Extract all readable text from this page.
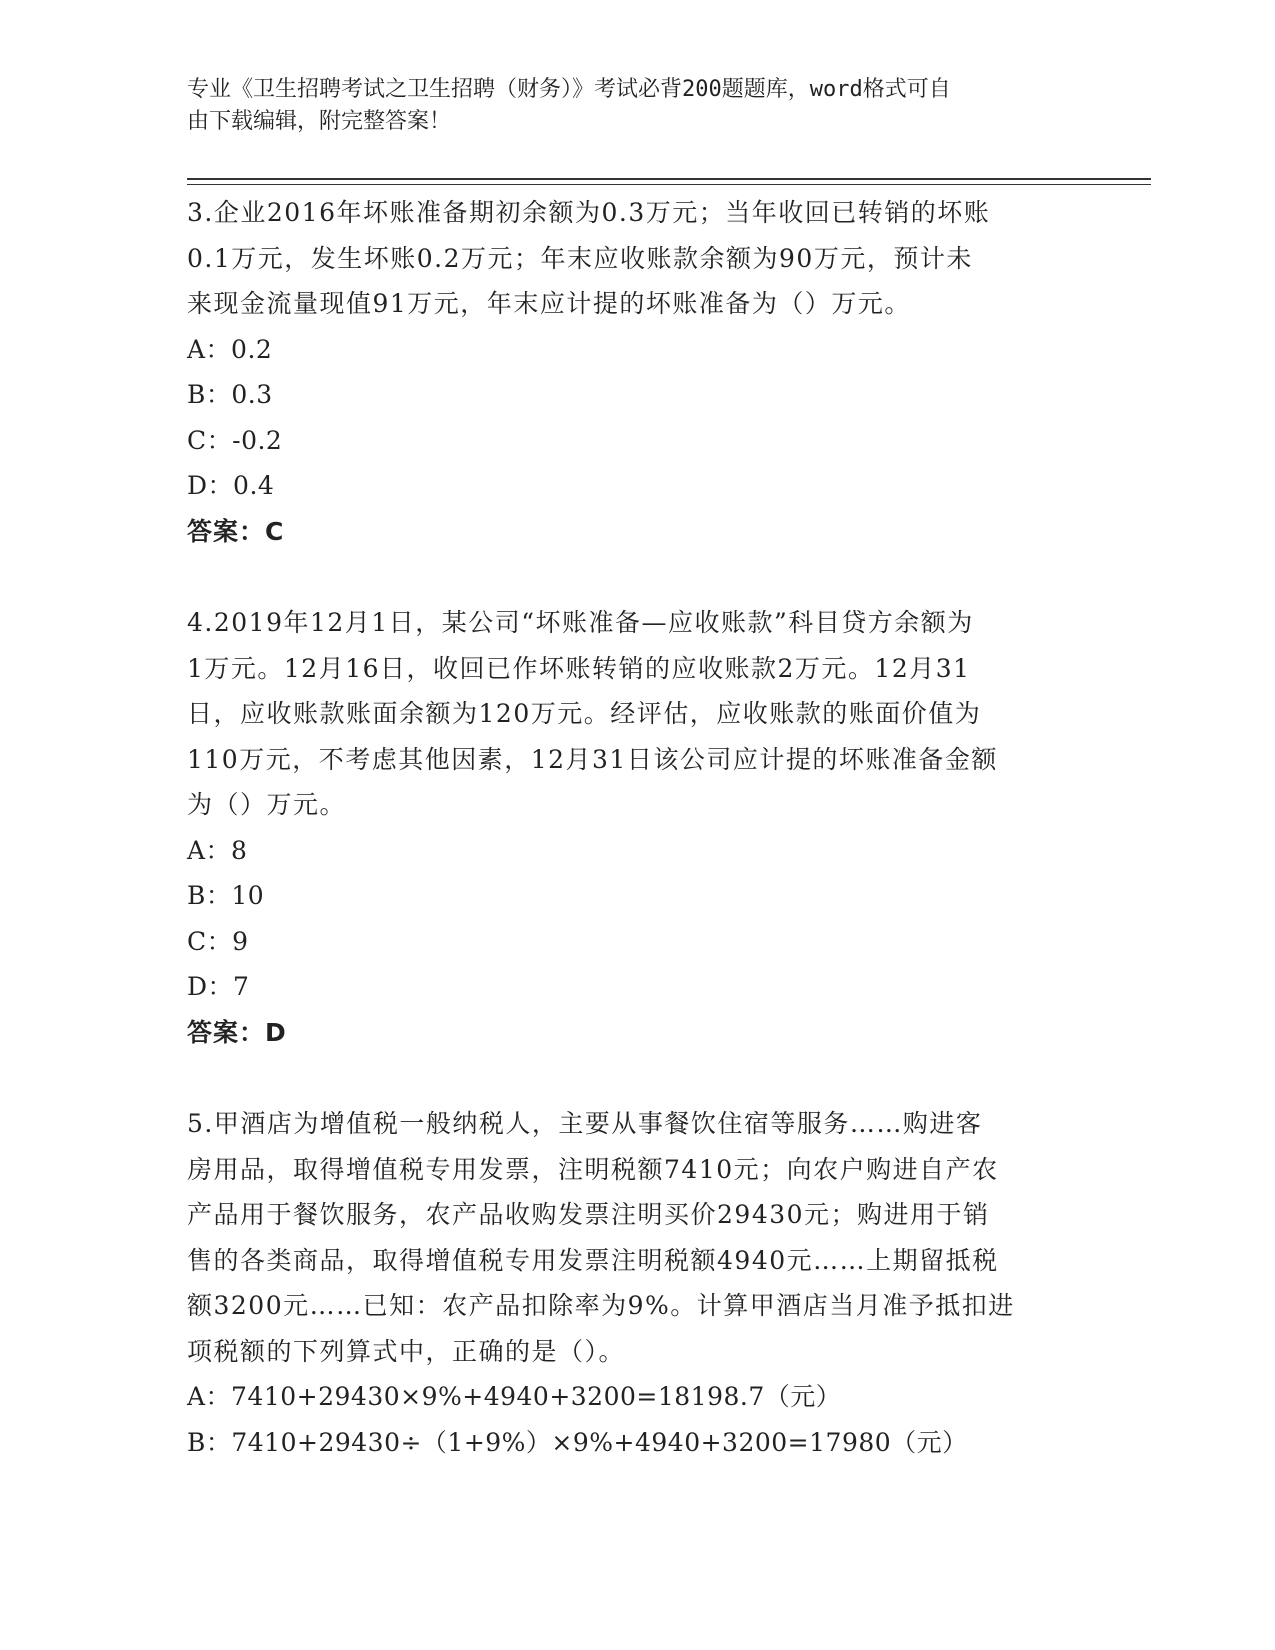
专业《卫生招聘考试之卫生招聘（财务）》考试必背200题题库，word格式可自
由下载编辑，附完整答案！
3.企业2016年坏账准备期初余额为0.3万元；当年收回已转销的坏账
0.1万元，发生坏账0.2万元；年末应收账款余额为90万元，预计未
来现金流量现值91万元，年末应计提的坏账准备为（）万元。
A：0.2
B：0.3
C：-0.2
D：0.4
答案：C
4.2019年12月1日，某公司“坏账准备—应收账款”科目贷方余额为
1万元。12月16日，收回已作坏账转销的应收账款2万元。12月31
日，应收账款账面余额为120万元。经评估，应收账款的账面价值为
110万元，不考虑其他因素，12月31日该公司应计提的坏账准备金额
为（）万元。
A：8
B：10
C：9
D：7
答案：D
5.甲酒店为增值税一般纳税人，主要从事餐饮住宿等服务……购进客
房用品，取得增值税专用发票，注明税额7410元；向农户购进自产农
产品用于餐饮服务，农产品收购发票注明买价29430元；购进用于销
售的各类商品，取得增值税专用发票注明税额4940元……上期留抵税
额3200元……已知：农产品扣除率为9%。计算甲酒店当月准予抵扣进
项税额的下列算式中，正确的是（）。
A：7410+29430×9%+4940+3200=18198.7（元）
B：7410+29430÷（1+9%）×9%+4940+3200=17980（元）
